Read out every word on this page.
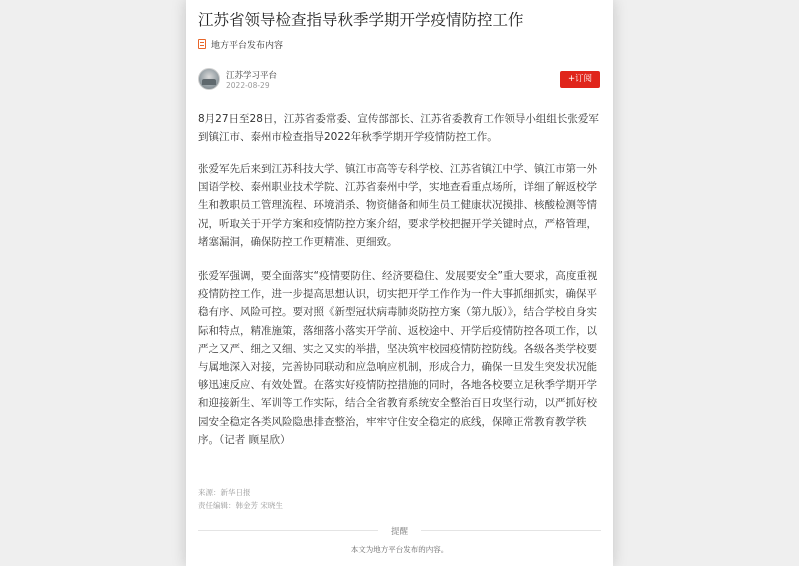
江苏省领导检查指导秋季学期开学疫情防控工作
地方平台发布内容
江苏学习平台
2022-08-29
+订阅

8月27日至28日，江苏省委常委、宣传部部长、江苏省委教育工作领导小组组长张爱军到镇江市、泰州市检查指导2022年秋季学期开学疫情防控工作。

张爱军先后来到江苏科技大学、镇江市高等专科学校、江苏省镇江中学、镇江市第一外国语学校、泰州职业技术学院、江苏省泰州中学，实地查看重点场所，详细了解返校学生和教职员工管理流程、环境消杀、物资储备和师生员工健康状况摸排、核酸检测等情况，听取关于开学方案和疫情防控方案介绍，要求学校把握开学关键时点，严格管理，堵塞漏洞，确保防控工作更精准、更细致。

张爱军强调，要全面落实“疫情要防住、经济要稳住、发展要安全”重大要求，高度重视疫情防控工作，进一步提高思想认识，切实把开学工作作为一件大事抓细抓实，确保平稳有序、风险可控。要对照《新型冠状病毒肺炎防控方案（第九版）》，结合学校自身实际和特点，精准施策，落细落小落实开学前、返校途中、开学后疫情防控各项工作，以严之又严、细之又细、实之又实的举措，坚决筑牢校园疫情防控防线。各级各类学校要与属地深入对接，完善协同联动和应急响应机制，形成合力，确保一旦发生突发状况能够迅速反应、有效处置。在落实好疫情防控措施的同时，各地各校要立足秋季学期开学和迎接新生、军训等工作实际，结合全省教育系统安全整治百日攻坚行动，以严抓好校园安全稳定各类风险隐患排查整治，牢牢守住安全稳定的底线，保障正常教育教学秩序。（记者 顾星欣）

来源：新华日报
责任编辑：韩金芳 宋晓生
提醒
本文为地方平台发布的内容。
